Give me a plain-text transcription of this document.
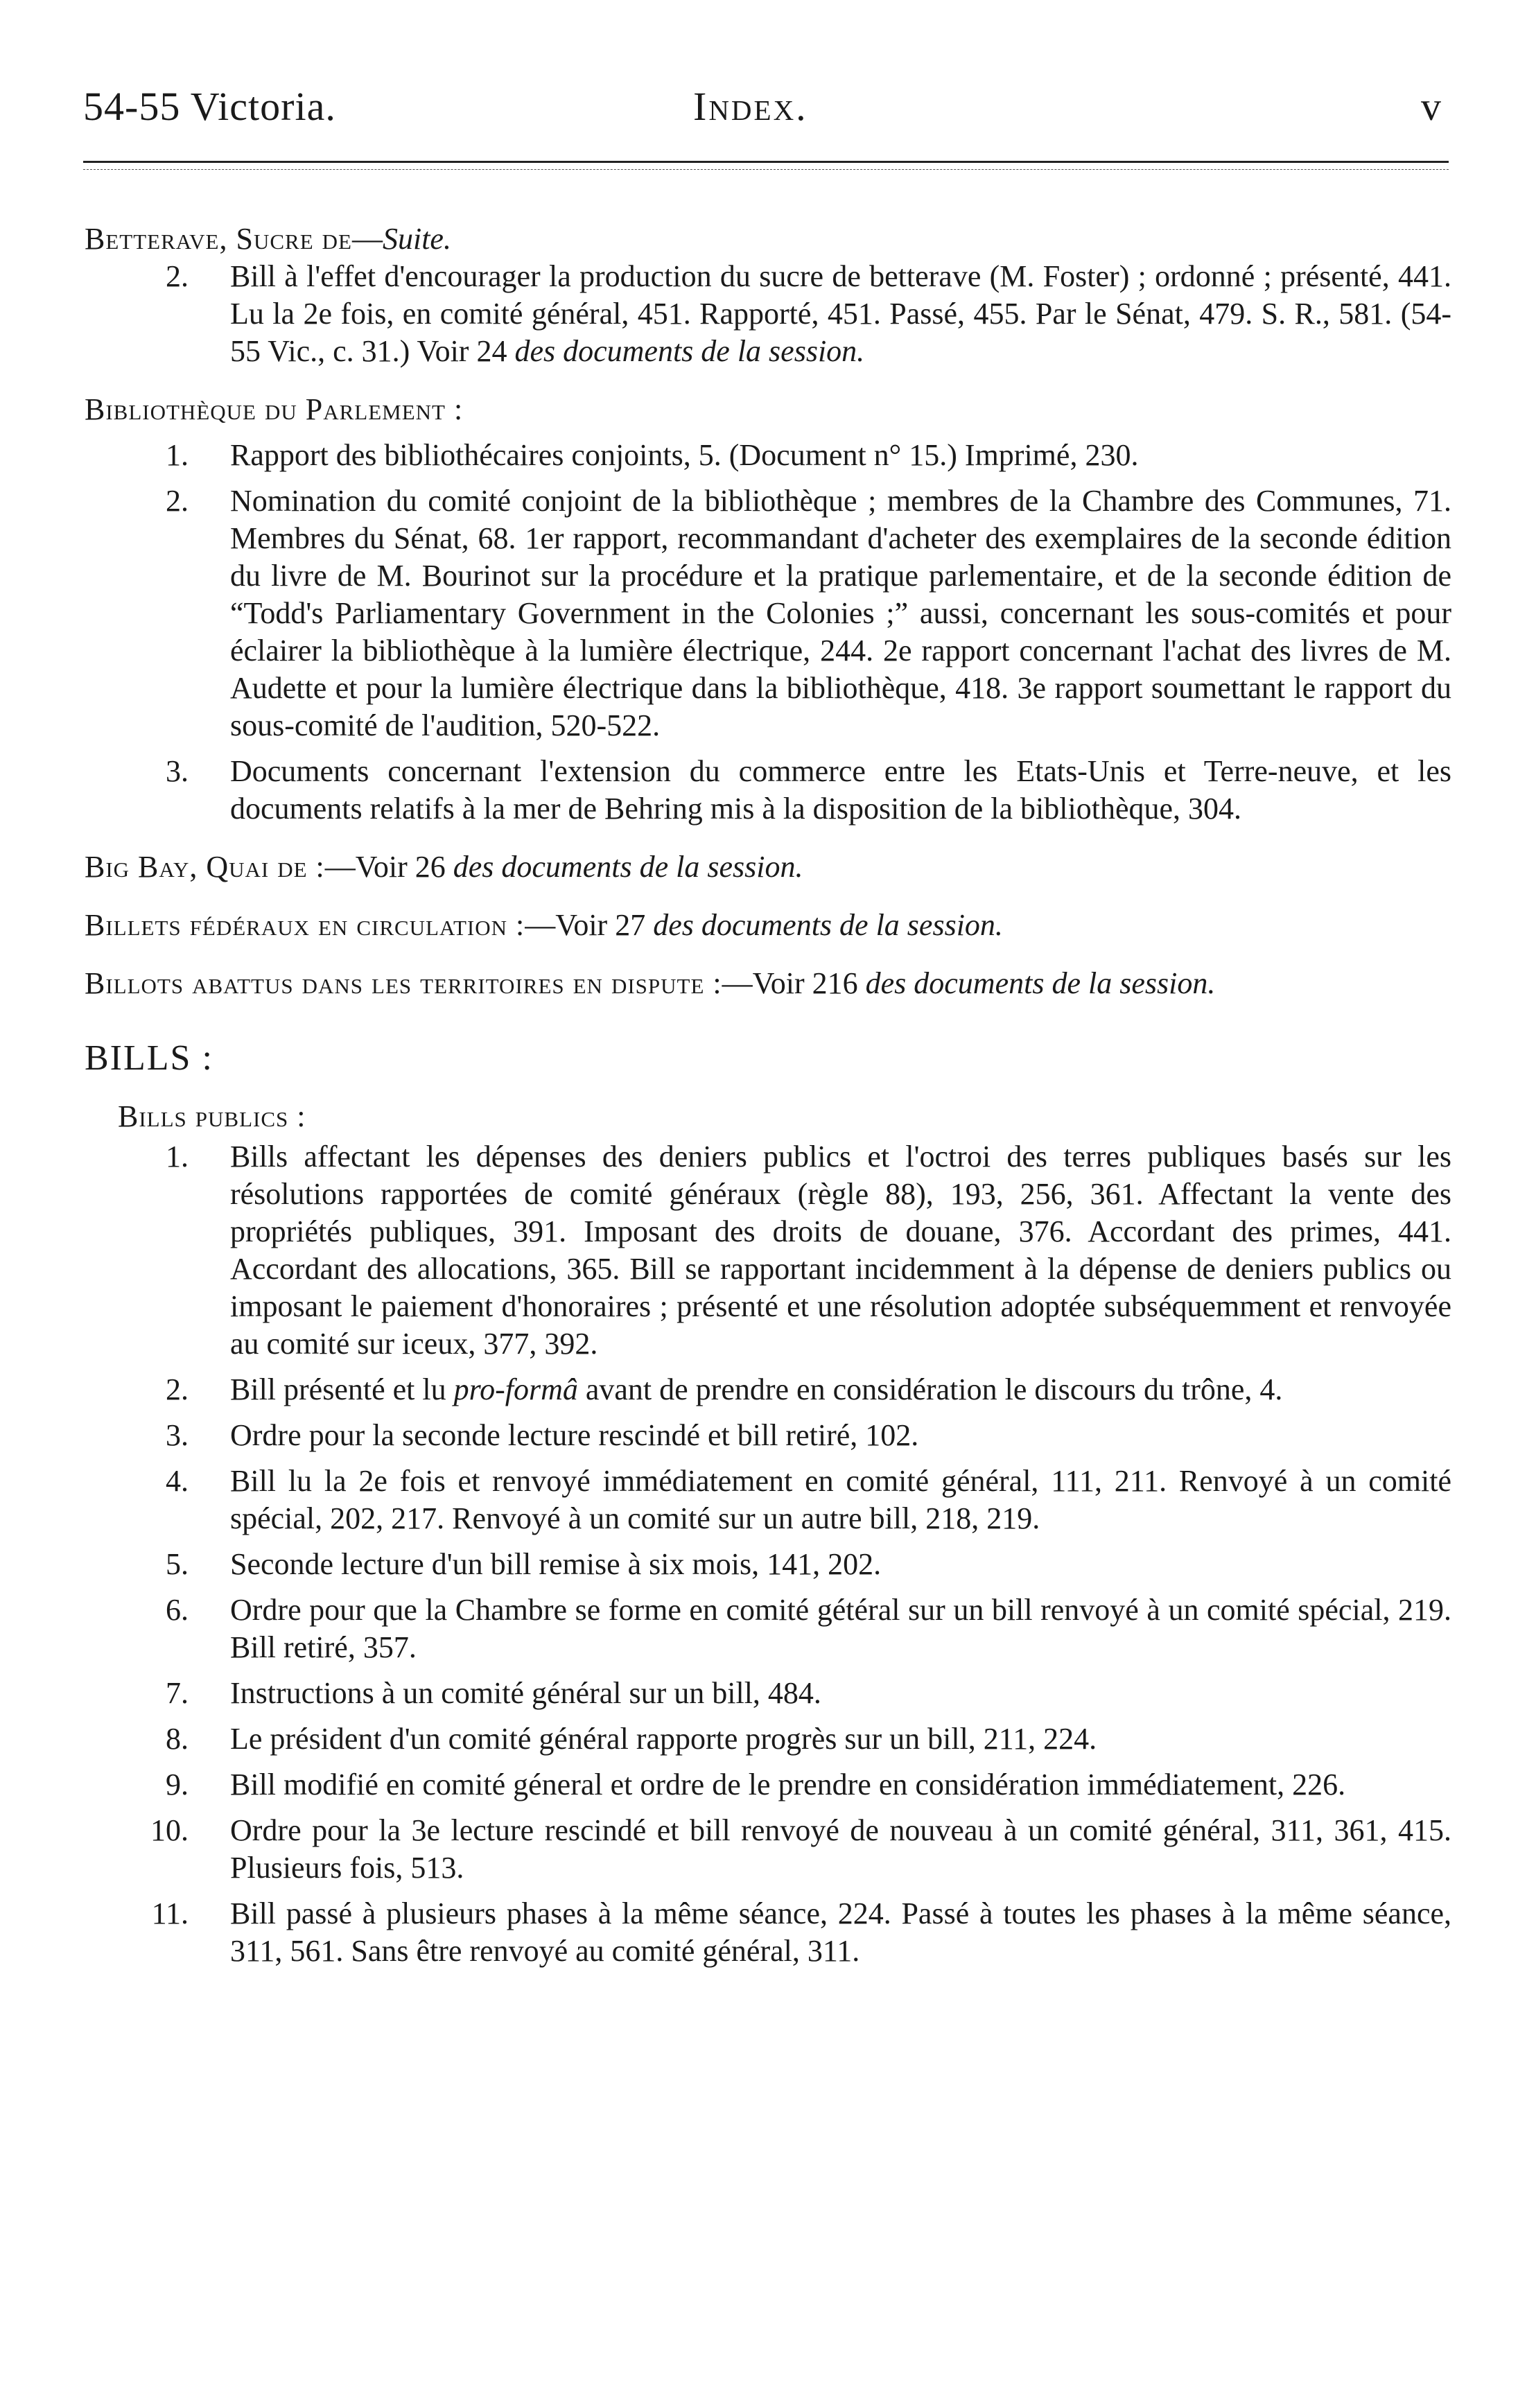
54-55 Victoria.	Index.	v

Betterave, Sucre de—Suite.

2. Bill à l'effet d'encourager la production du sucre de betterave (M. Foster) ; ordonné ; présenté, 441. Lu la 2e fois, en comité général, 451. Rapporté, 451. Passé, 455. Par le Sénat, 479. S. R., 581. (54-55 Vic., c. 31.) Voir 24 des documents de la session.

Bibliothèque du Parlement :

1. Rapport des bibliothécaires conjoints, 5. (Document n° 15.) Imprimé, 230.

2. Nomination du comité conjoint de la bibliothèque ; membres de la Chambre des Communes, 71. Membres du Sénat, 68. 1er rapport, recommandant d'acheter des exemplaires de la seconde édition du livre de M. Bourinot sur la procédure et la pratique parlementaire, et de la seconde édition de “Todd's Parliamentary Government in the Colonies ;” aussi, concernant les sous-comités et pour éclairer la bibliothèque à la lumière électrique, 244. 2e rapport concernant l'achat des livres de M. Audette et pour la lumière électrique dans la bibliothèque, 418. 3e rapport soumettant le rapport du sous-comité de l'audition, 520-522.

3. Documents concernant l'extension du commerce entre les Etats-Unis et Terre-neuve, et les documents relatifs à la mer de Behring mis à la disposition de la bibliothèque, 304.

Big Bay, Quai de :—Voir 26 des documents de la session.

Billets fédéraux en circulation :—Voir 27 des documents de la session.

Billots abattus dans les territoires en dispute :—Voir 216 des documents de la session.

BILLS :

Bills publics :

1. Bills affectant les dépenses des deniers publics et l'octroi des terres publiques basés sur les résolutions rapportées de comité généraux (règle 88), 193, 256, 361. Affectant la vente des propriétés publiques, 391. Imposant des droits de douane, 376. Accordant des primes, 441. Accordant des allocations, 365. Bill se rapportant incidemment à la dépense de deniers publics ou imposant le paiement d'honoraires ; présenté et une résolution adoptée subséquemment et renvoyée au comité sur iceux, 377, 392.

2. Bill présenté et lu pro-formâ avant de prendre en considération le discours du trône, 4.

3. Ordre pour la seconde lecture rescindé et bill retiré, 102.

4. Bill lu la 2e fois et renvoyé immédiatement en comité général, 111, 211. Renvoyé à un comité spécial, 202, 217. Renvoyé à un comité sur un autre bill, 218, 219.

5. Seconde lecture d'un bill remise à six mois, 141, 202.

6. Ordre pour que la Chambre se forme en comité gétéral sur un bill renvoyé à un comité spécial, 219. Bill retiré, 357.

7. Instructions à un comité général sur un bill, 484.

8. Le président d'un comité général rapporte progrès sur un bill, 211, 224.

9. Bill modifié en comité géneral et ordre de le prendre en considération immédiatement, 226.

10. Ordre pour la 3e lecture rescindé et bill renvoyé de nouveau à un comité général, 311, 361, 415. Plusieurs fois, 513.

11. Bill passé à plusieurs phases à la même séance, 224. Passé à toutes les phases à la même séance, 311, 561. Sans être renvoyé au comité général, 311.
